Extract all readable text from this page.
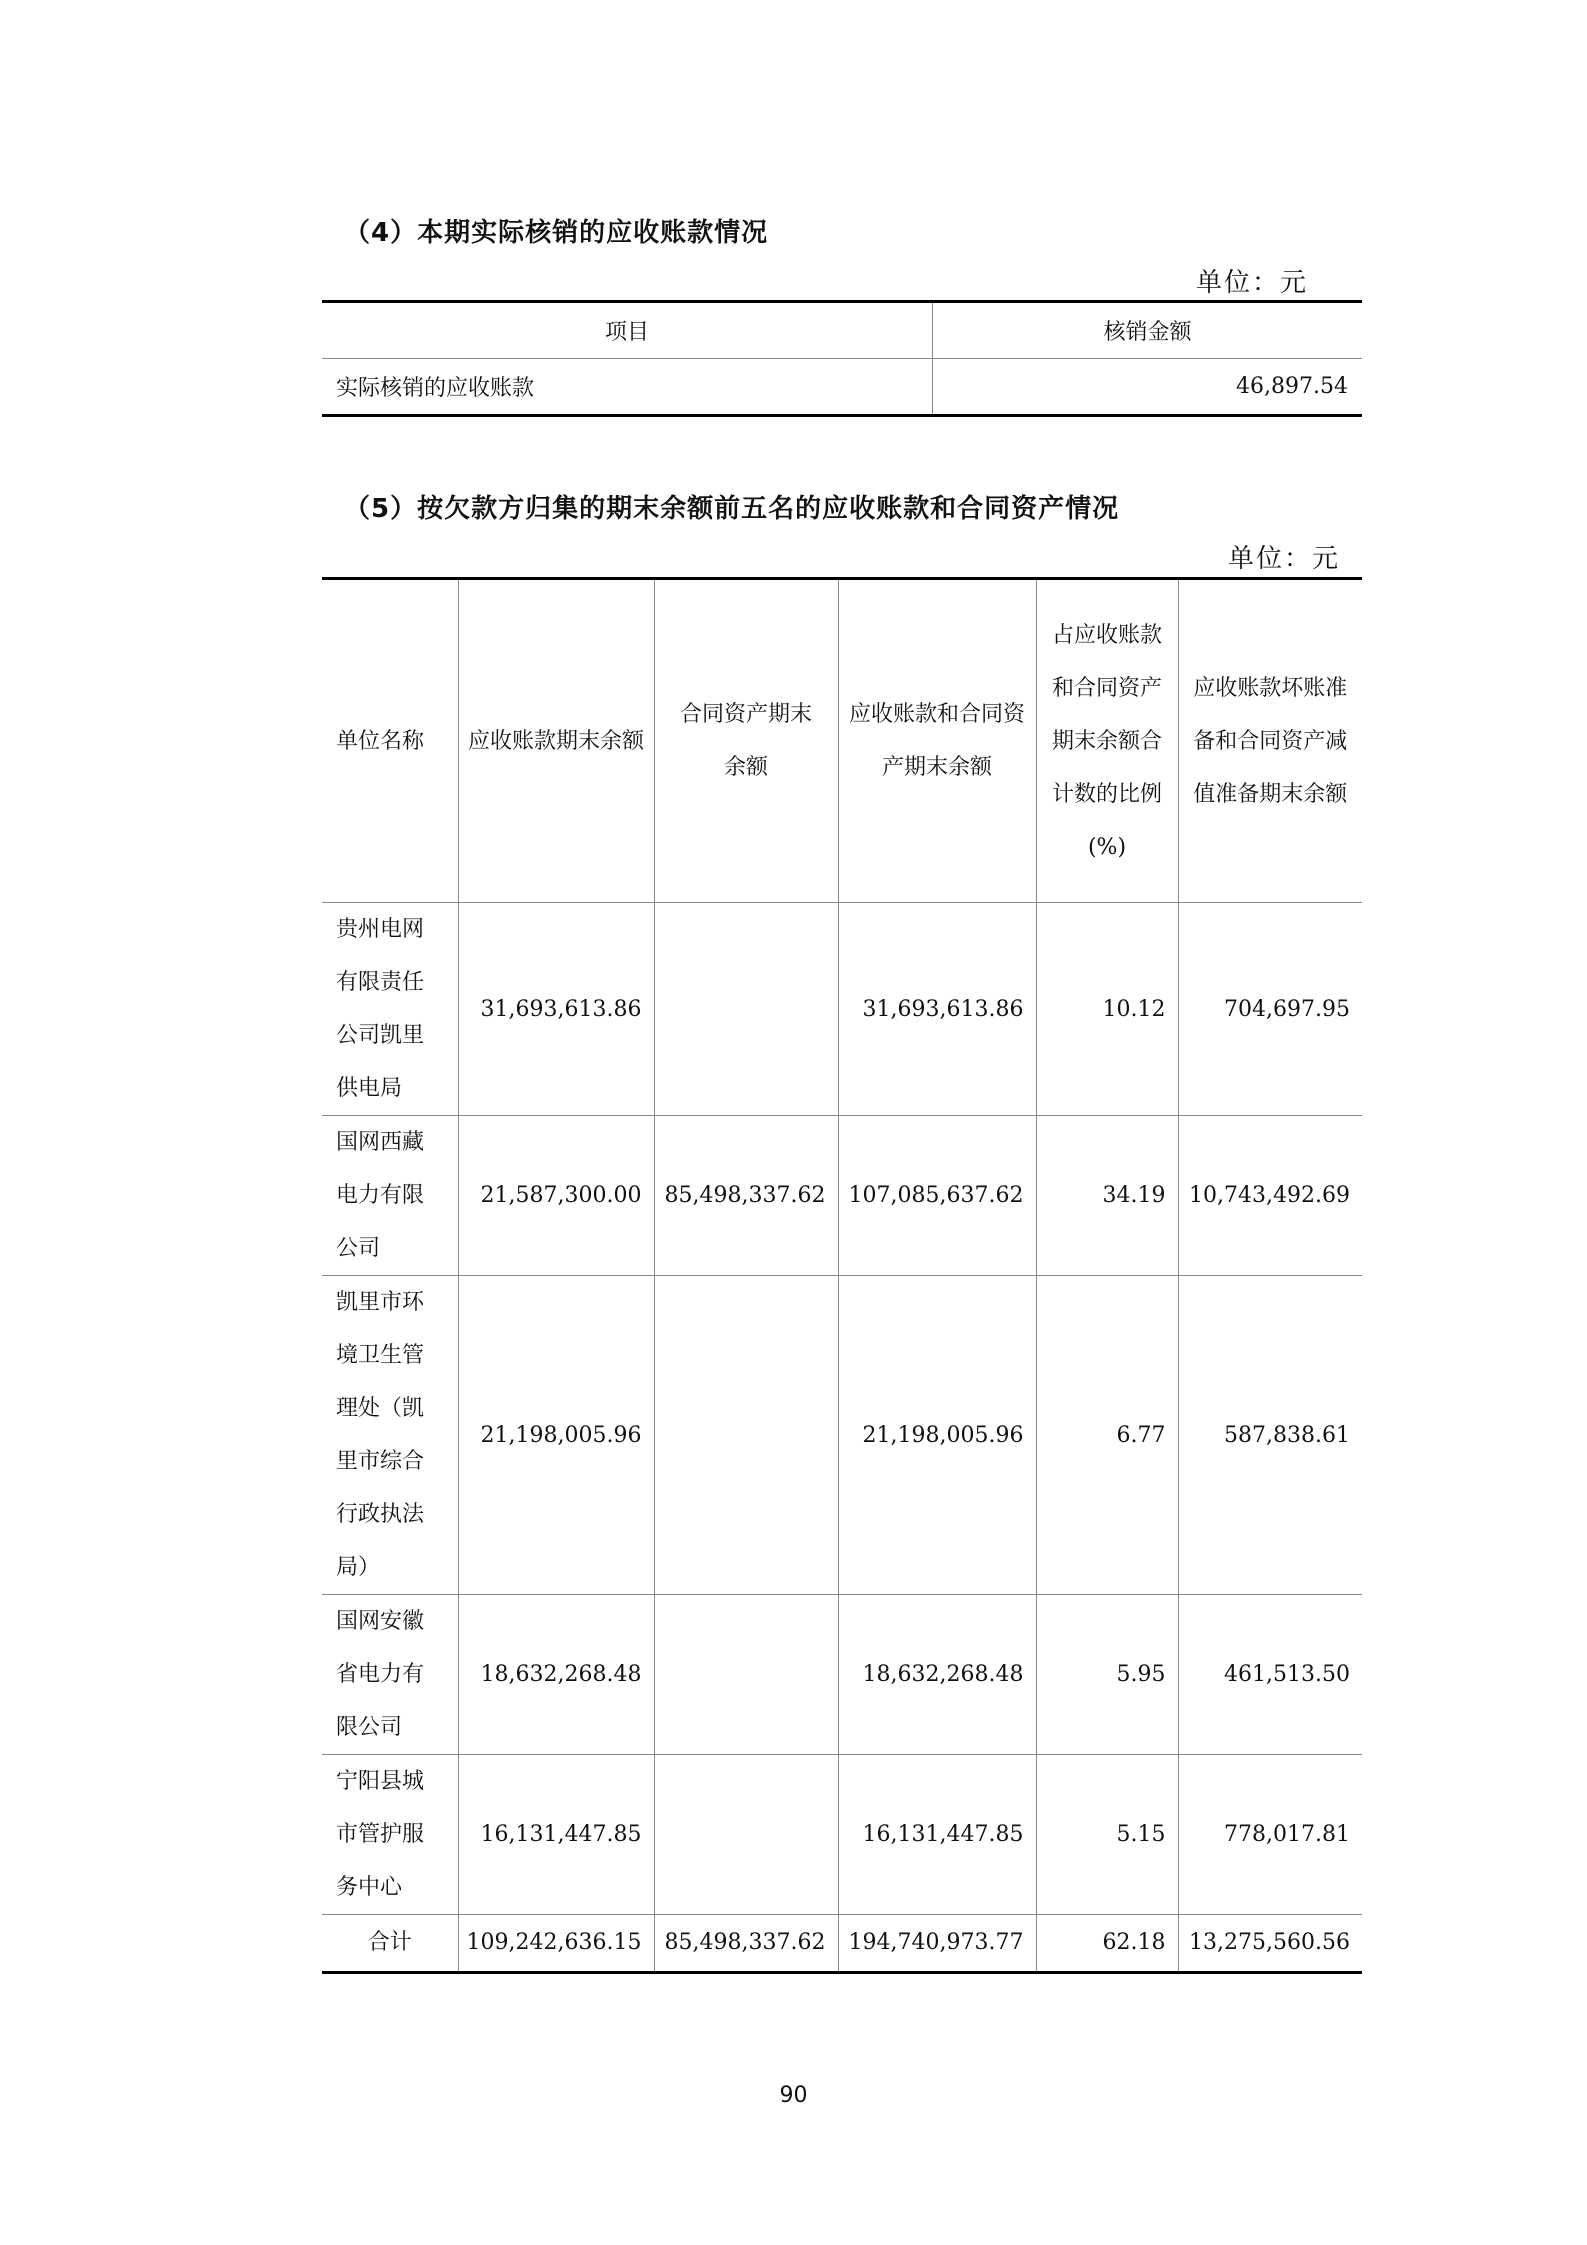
（4）本期实际核销的应收账款情况
单位：元
项目	核销金额
实际核销的应收账款	46,897.54
（5）按欠款方归集的期末余额前五名的应收账款和合同资产情况
单位：元
单位名称	应收账款期末余额	合同资产期末余额	应收账款和合同资产期末余额	占应收账款和合同资产期末余额合计数的比例(%)	应收账款坏账准备和合同资产减值准备期末余额

贵州电网有限责任公司凯里供电局	31,693,613.86		31,693,613.86	10.12	704,697.95

国网西藏电力有限公司	21,587,300.00	85,498,337.62	107,085,637.62	34.19	10,743,492.69

凯里市环境卫生管理处（凯里市综合行政执法局）	21,198,005.96		21,198,005.96	6.77	587,838.61

国网安徽省电力有限公司	18,632,268.48		18,632,268.48	5.95	461,513.50

宁阳县城市管护服务中心	16,131,447.85		16,131,447.85	5.15	778,017.81
合计	109,242,636.15	85,498,337.62	194,740,973.77	62.18	13,275,560.56
90
